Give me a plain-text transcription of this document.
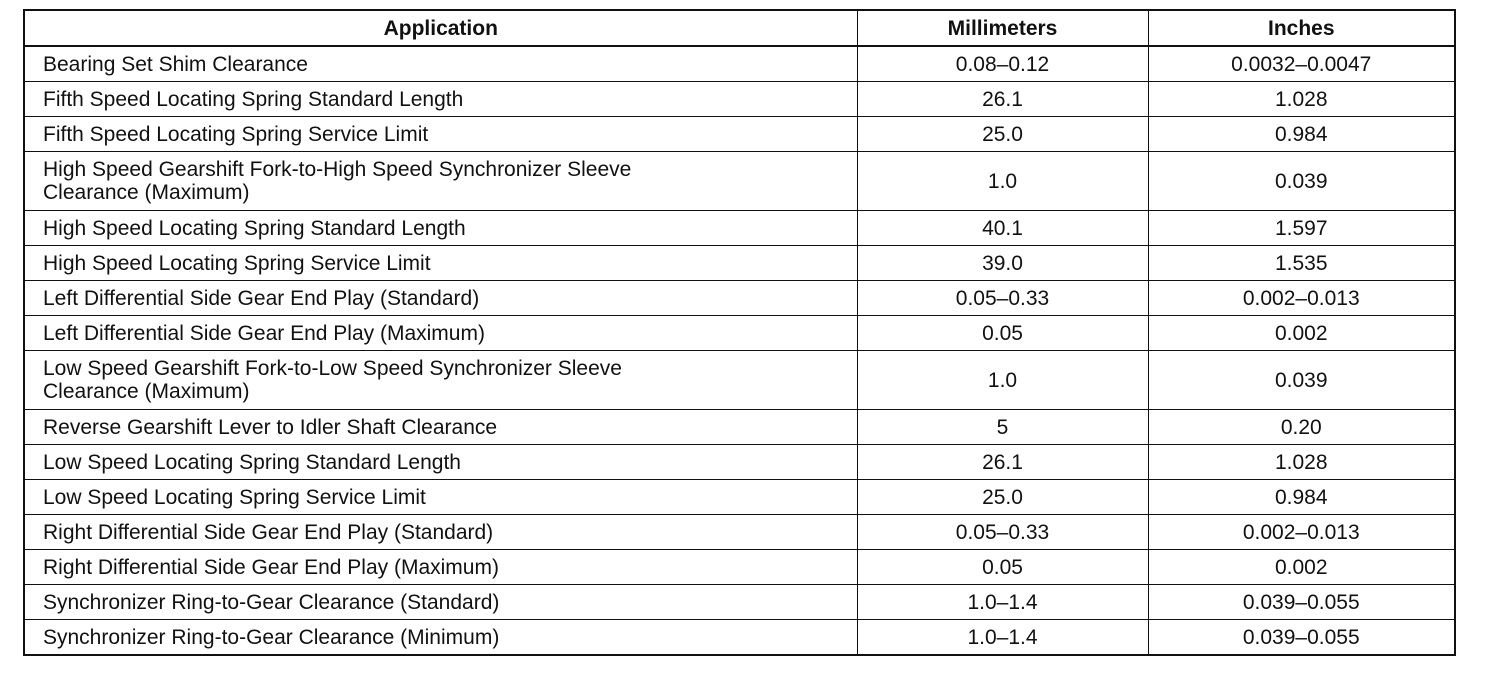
Application	Millimeters	Inches
Bearing Set Shim Clearance	0.08–0.12	0.0032–0.0047
Fifth Speed Locating Spring Standard Length	26.1	1.028
Fifth Speed Locating Spring Service Limit	25.0	0.984
High Speed Gearshift Fork-to-High Speed Synchronizer Sleeve
Clearance (Maximum)	1.0	0.039
High Speed Locating Spring Standard Length	40.1	1.597
High Speed Locating Spring Service Limit	39.0	1.535
Left Differential Side Gear End Play (Standard)	0.05–0.33	0.002–0.013
Left Differential Side Gear End Play (Maximum)	0.05	0.002
Low Speed Gearshift Fork-to-Low Speed Synchronizer Sleeve
Clearance (Maximum)	1.0	0.039
Reverse Gearshift Lever to Idler Shaft Clearance	5	0.20
Low Speed Locating Spring Standard Length	26.1	1.028
Low Speed Locating Spring Service Limit	25.0	0.984
Right Differential Side Gear End Play (Standard)	0.05–0.33	0.002–0.013
Right Differential Side Gear End Play (Maximum)	0.05	0.002
Synchronizer Ring-to-Gear Clearance (Standard)	1.0–1.4	0.039–0.055
Synchronizer Ring-to-Gear Clearance (Minimum)	1.0–1.4	0.039–0.055
